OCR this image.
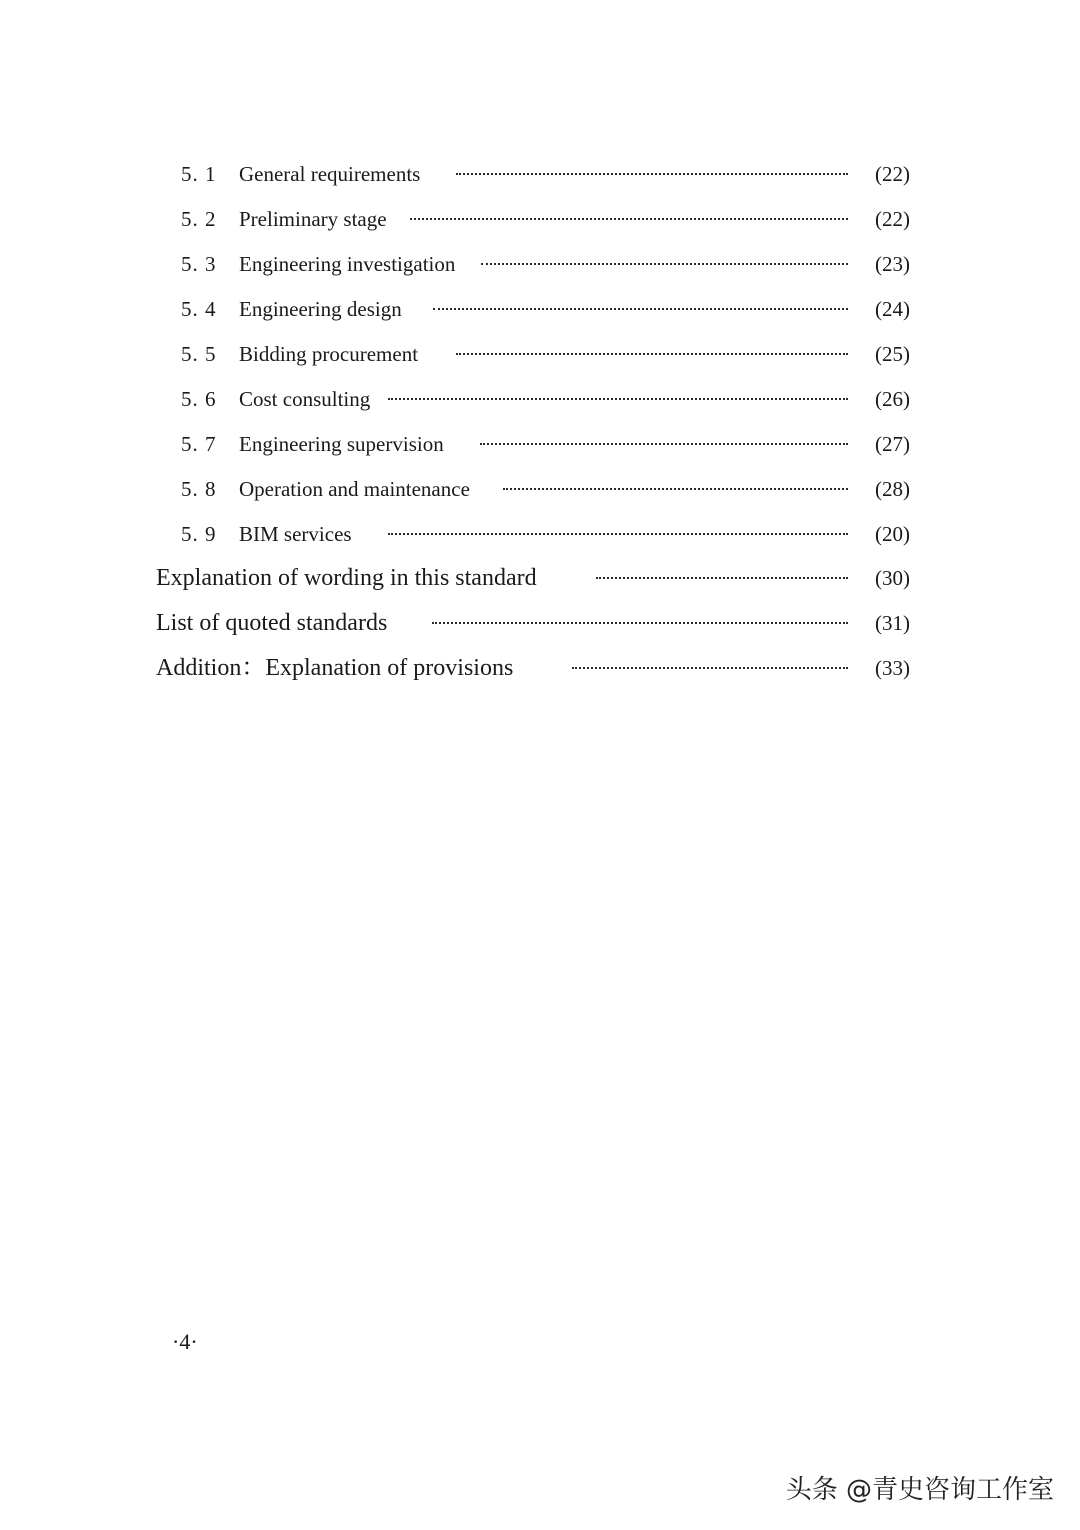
5. 1 General requirements	(22)
5. 2 Preliminary stage	(22)
5. 3 Engineering investigation	(23)
5. 4 Engineering design	(24)
5. 5 Bidding procurement	(25)
5. 6 Cost consulting	(26)
5. 7 Engineering supervision	(27)
5. 8 Operation and maintenance	(28)
5. 9 BIM services	(20)
Explanation of wording in this standard	(30)
List of quoted standards	(31)
Addition：Explanation of provisions	(33)
·4·
头条 @青史咨询工作室
